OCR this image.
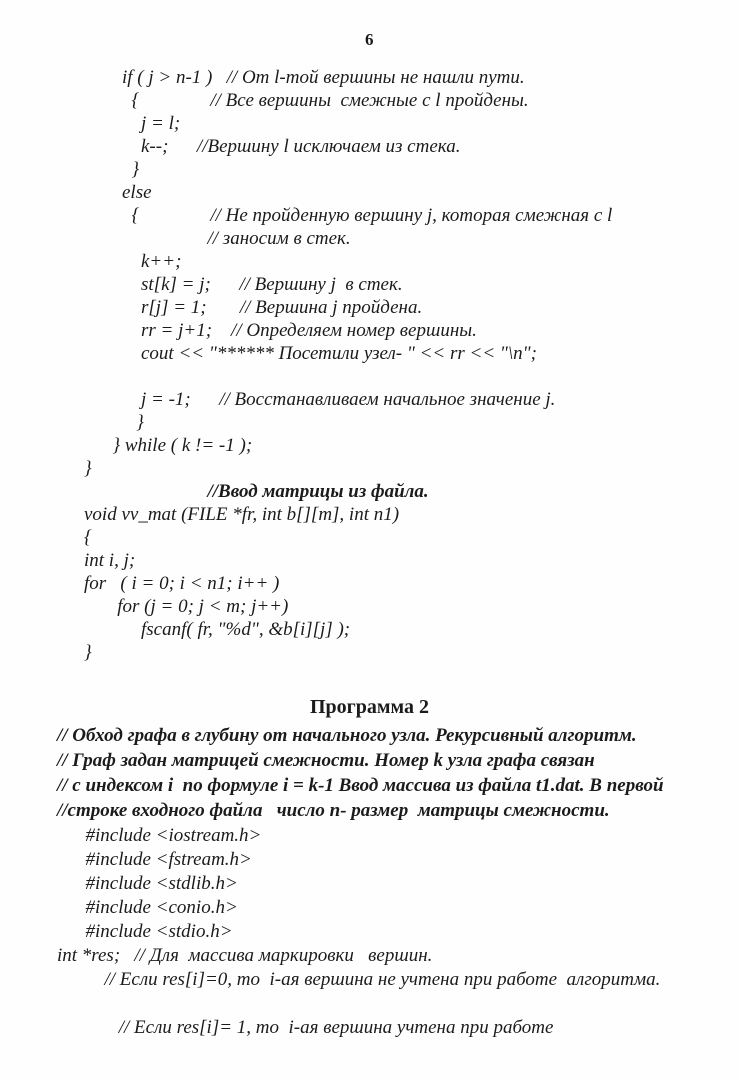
6
if ( j > n-1 )   // От l-той вершины не нашли пути.
{               // Все вершины  смежные с l пройдены.
j = l;
k--;      //Вершину l исключаем из стека.
}
else
{               // Не пройденную вершину j, которая смежная с l
// заносим в стек.
k++;
st[k] = j;      // Вершину j  в стек.
r[j] = 1;       // Вершина j пройдена.
rr = j+1;    // Определяем номер вершины.
cout << "****** Посетили узел- " << rr << "\n";

j = -1;      // Восстанавливаем начальное значение j.
}
} while ( k != -1 );
}
//Ввод матрицы из файла.
void vv_mat (FILE *fr, int b[][m], int n1)
{
int i, j;
for   ( i = 0; i < n1; i++ )
for (j = 0; j < m; j++)
fscanf( fr, "%d", &b[i][j] );
}
Программа 2
// Обход графа в глубину от начального узла. Рекурсивный алгоритм.
// Граф задан матрицей смежности. Номер k узла графа связан
// с индексом i  по формуле i = k-1 Ввод массива из файла t1.dat. В первой
//строке входного файла   число n- размер  матрицы смежности.
#include <iostream.h>
#include <fstream.h>
#include <stdlib.h>
#include <conio.h>
#include <stdio.h>
int *res;   // Для  массива маркировки   вершин.
// Если res[i]=0, то  i-ая вершина не учтена при работе  алгоритма.

// Если res[i]= 1, то  i-ая вершина учтена при работе
